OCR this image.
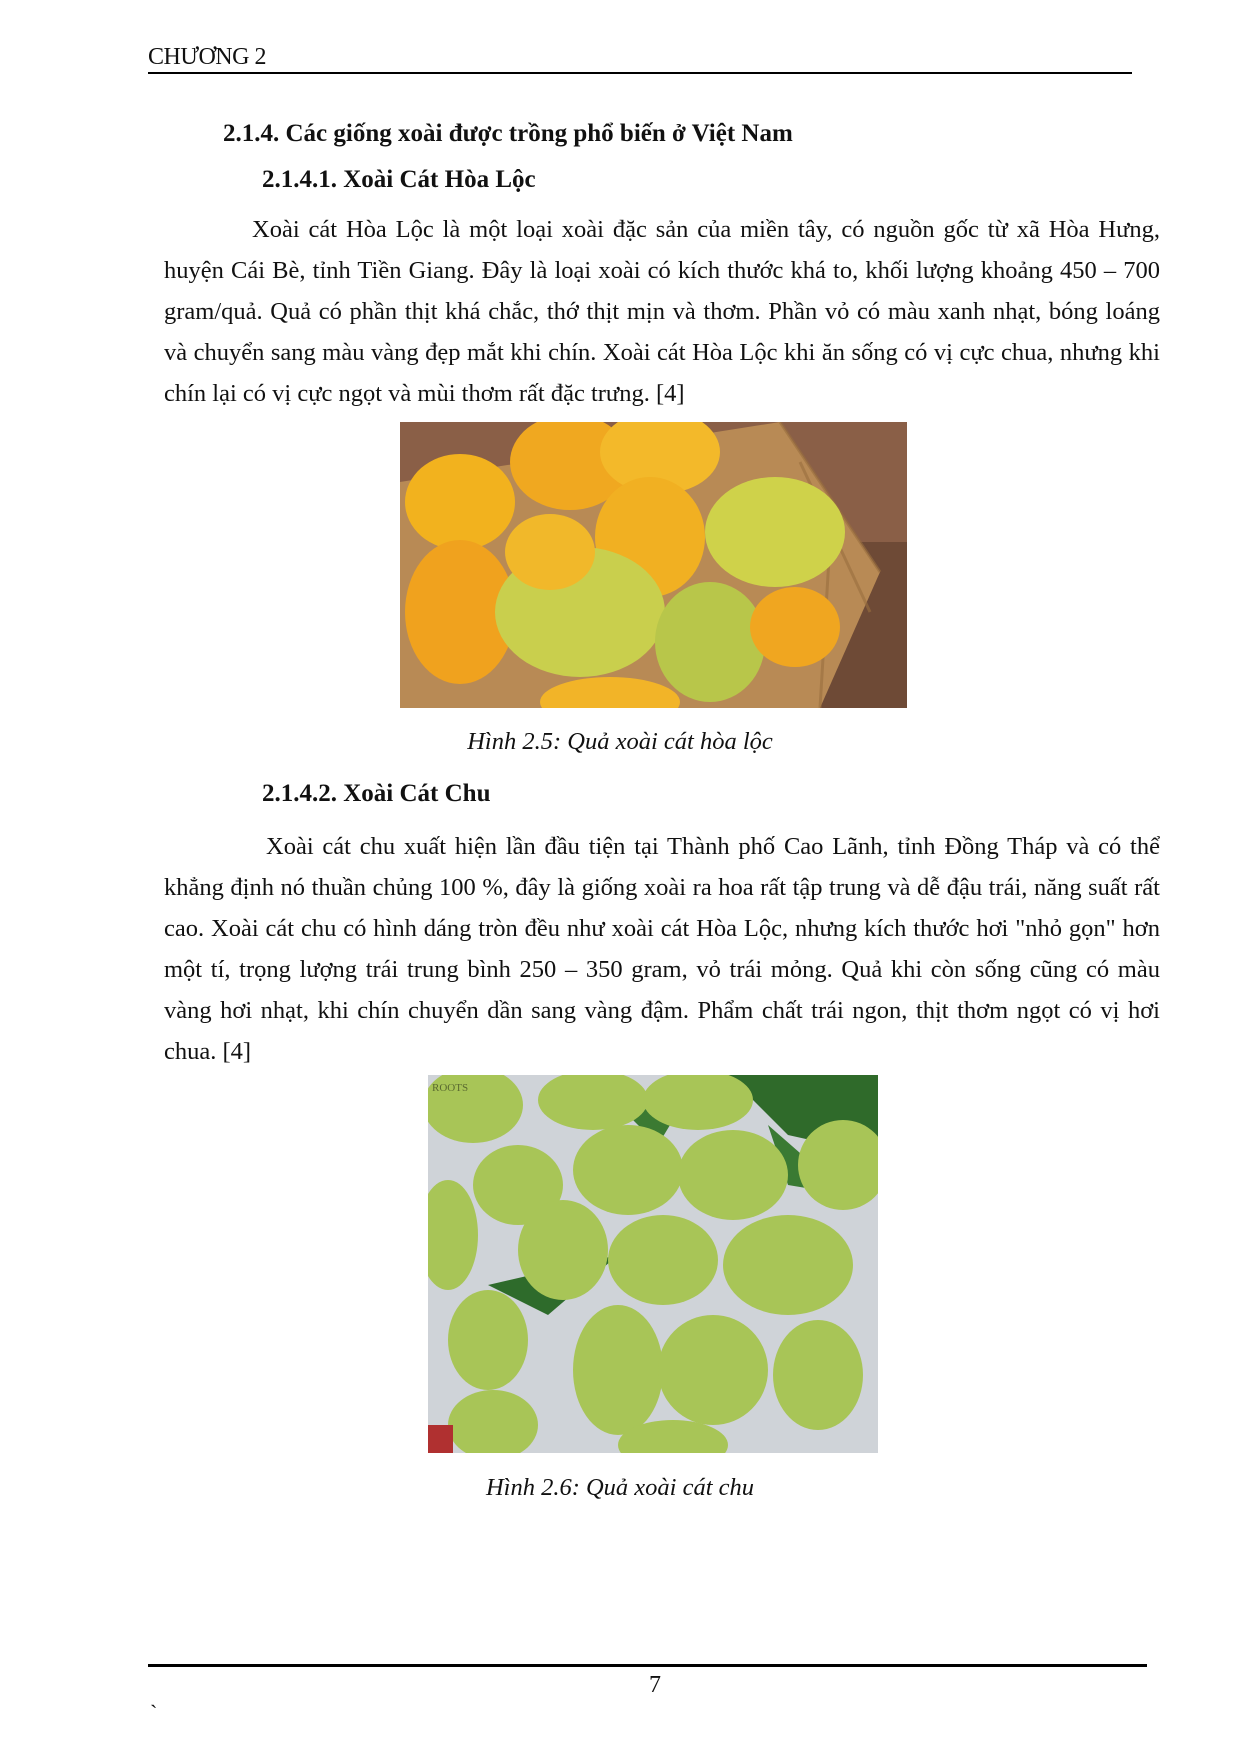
CHƯƠNG 2
2.1.4. Các giống xoài được trồng phổ biến ở Việt Nam
2.1.4.1. Xoài Cát Hòa Lộc

Xoài cát Hòa Lộc là một loại xoài đặc sản của miền tây, có nguồn gốc từ xã Hòa Hưng, huyện Cái Bè, tỉnh Tiền Giang. Đây là loại xoài có kích thước khá to, khối lượng khoảng 450 – 700 gram/quả. Quả có phần thịt khá chắc, thớ thịt mịn và thơm. Phần vỏ có màu xanh nhạt, bóng loáng và chuyển sang màu vàng đẹp mắt khi chín. Xoài cát Hòa Lộc khi ăn sống có vị cực chua, nhưng khi chín lại có vị cực ngọt và mùi thơm rất đặc trưng. [4]

Hình 2.5: Quả xoài cát hòa lộc
2.1.4.2. Xoài Cát Chu

Xoài cát chu xuất hiện lần đầu tiện tại Thành phố Cao Lãnh, tỉnh Đồng Tháp và có thể khẳng định nó thuần chủng 100 %, đây là giống xoài ra hoa rất tập trung và dễ đậu trái, năng suất rất cao. Xoài cát chu có hình dáng tròn đều như xoài cát Hòa Lộc, nhưng kích thước hơi "nhỏ gọn" hơn một tí, trọng lượng trái trung bình 250 – 350 gram, vỏ trái mỏng. Quả khi còn sống cũng có màu vàng hơi nhạt, khi chín chuyển dần sang vàng đậm. Phẩm chất trái ngon, thịt thơm ngọt có vị hơi chua. [4]

ROOTS
Hình 2.6: Quả xoài cát chu
7
`
